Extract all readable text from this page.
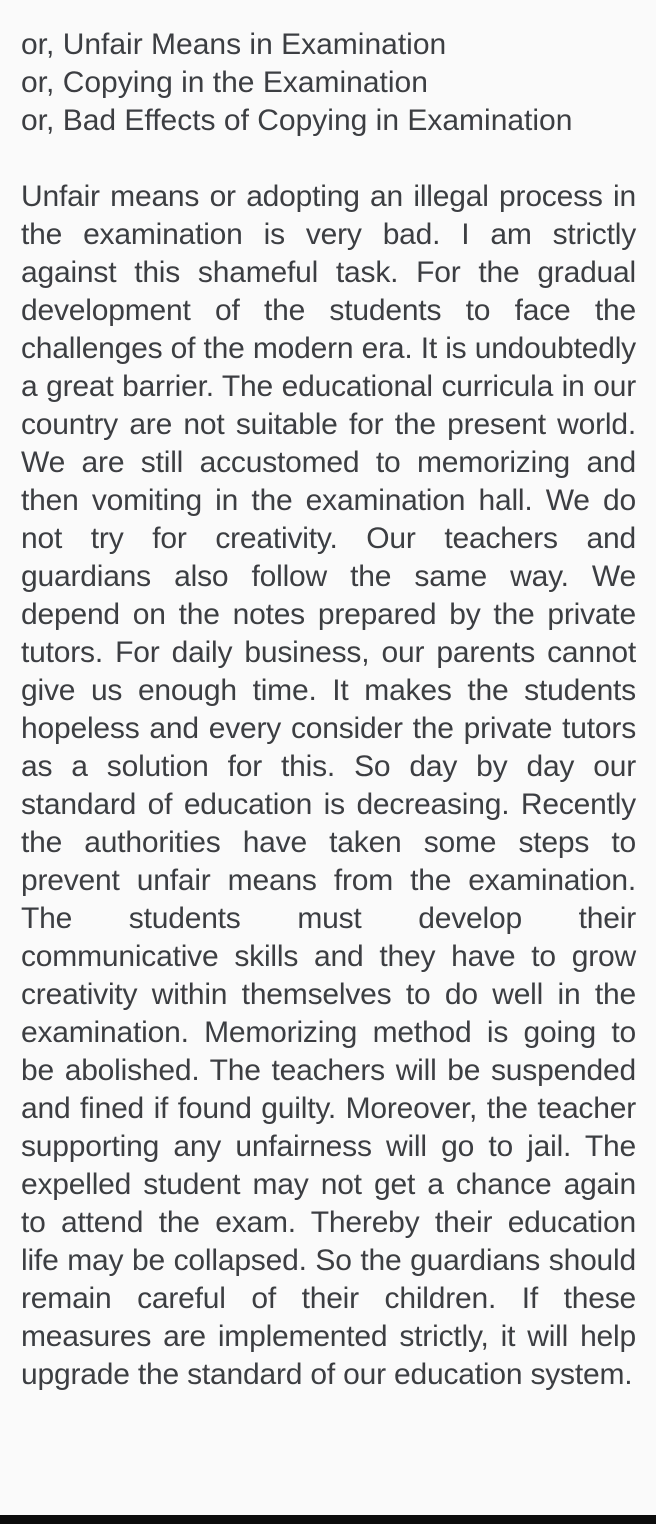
or, Unfair Means in Examination
or, Copying in the Examination
or, Bad Effects of Copying in Examination

Unfair means or adopting an illegal process in the examination is very bad. I am strictly against this shameful task. For the gradual development of the students to face the challenges of the modern era. It is undoubtedly a great barrier. The educational curricula in our country are not suitable for the present world. We are still accustomed to memorizing and then vomiting in the examination hall. We do not try for creativity. Our teachers and guardians also follow the same way. We depend on the notes prepared by the private tutors. For daily business, our parents cannot give us enough time. It makes the students hopeless and every consider the private tutors as a solution for this. So day by day our standard of education is decreasing. Recently the authorities have taken some steps to prevent unfair means from the examination. The students must develop their communicative skills and they have to grow creativity within themselves to do well in the examination. Memorizing method is going to be abolished. The teachers will be suspended and fined if found guilty. Moreover, the teacher supporting any unfairness will go to jail. The expelled student may not get a chance again to attend the exam. Thereby their education life may be collapsed. So the guardians should remain careful of their children. If these measures are implemented strictly, it will help upgrade the standard of our education system.
